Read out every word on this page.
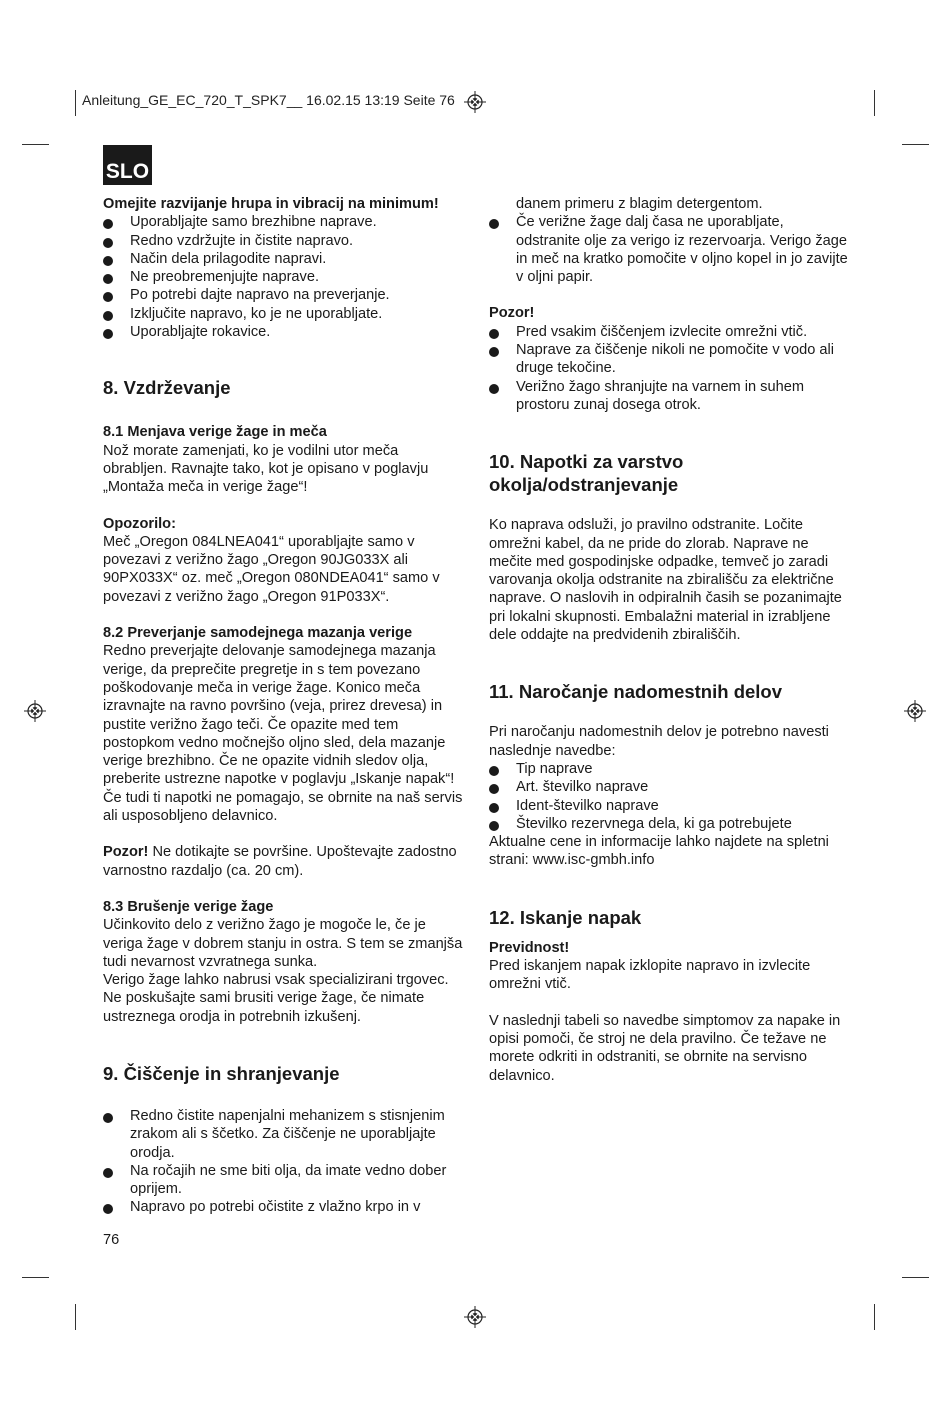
Anleitung_GE_EC_720_T_SPK7__ 16.02.15 13:19 Seite 76
SLO

Omejite razvijanje hrupa in vibracij na minimum!

Uporabljajte samo brezhibne naprave.
Redno vzdržujte in čistite napravo.
Način dela prilagodite napravi.
Ne preobremenjujte naprave.
Po potrebi dajte napravo na preverjanje.
Izključite napravo, ko je ne uporabljate.
Uporabljajte rokavice.
8. Vzdrževanje

8.1 Menjava verige žage in meča

Nož morate zamenjati, ko je vodilni utor meča obrabljen. Ravnajte tako, kot je opisano v poglavju „Montaža meča in verige žage“!

Opozorilo:

Meč „Oregon 084LNEA041“ uporabljajte samo v povezavi z verižno žago „Oregon 90JG033X ali 90PX033X“ oz. meč „Oregon 080NDEA041“ samo v povezavi z verižno žago „Oregon 91P033X“.

8.2 Preverjanje samodejnega mazanja verige

Redno preverjajte delovanje samodejnega mazanja verige, da preprečite pregretje in s tem povezano poškodovanje meča in verige žage. Konico meča izravnajte na ravno površino (veja, prirez drevesa) in pustite verižno žago teči. Če opazite med tem postopkom vedno močnejšo oljno sled, dela mazanje verige brezhibno. Če ne opazite vidnih sledov olja, preberite ustrezne napotke v poglavju „Iskanje napak“! Če tudi ti napotki ne pomagajo, se obrnite na naš servis ali usposobljeno delavnico.

Pozor! Ne dotikajte se površine. Upoštevajte zadostno varnostno razdaljo (ca. 20 cm).

8.3 Brušenje verige žage

Učinkovito delo z verižno žago je mogoče le, če je veriga žage v dobrem stanju in ostra. S tem se zmanjša tudi nevarnost vzvratnega sunka.

Verigo žage lahko nabrusi vsak specializirani trgovec. Ne poskušajte sami brusiti verige žage, če nimate ustreznega orodja in potrebnih izkušenj.

9. Čiščenje in shranjevanje
Redno čistite napenjalni mehanizem s stisnjenim zrakom ali s ščetko. Za čiščenje ne uporabljajte orodja.
Na ročajih ne sme biti olja, da imate vedno dober oprijem.
Napravo po potrebi očistite z vlažno krpo in v
danem primeru z blagim detergentom.
Če verižne žage dalj časa ne uporabljate, odstranite olje za verigo iz rezervoarja. Verigo žage in meč na kratko pomočite v oljno kopel in jo zavijte v oljni papir.

Pozor!

Pred vsakim čiščenjem izvlecite omrežni vtič.
Naprave za čiščenje nikoli ne pomočite v vodo ali druge tekočine.
Verižno žago shranjujte na varnem in suhem prostoru zunaj dosega otrok.
10. Napotki za varstvo okolja/odstranjevanje

Ko naprava odsluži, jo pravilno odstranite. Ločite omrežni kabel, da ne pride do zlorab. Naprave ne mečite med gospodinjske odpadke, temveč jo zaradi varovanja okolja odstranite na zbirališču za električne naprave. O naslovih in odpiralnih časih se pozanimajte pri lokalni skupnosti. Embalažni material in izrabljene dele oddajte na predvidenih zbirališčih.

11. Naročanje nadomestnih delov

Pri naročanju nadomestnih delov je potrebno navesti naslednje navedbe:

Tip naprave
Art. številko naprave
Ident-številko naprave
Številko rezervnega dela, ki ga potrebujete

Aktualne cene in informacije lahko najdete na spletni strani: www.isc-gmbh.info

12. Iskanje napak

Previdnost!

Pred iskanjem napak izklopite napravo in izvlecite omrežni vtič.

V naslednji tabeli so navedbe simptomov za napake in opisi pomoči, če stroj ne dela pravilno. Če težave ne morete odkriti in odstraniti, se obrnite na servisno delavnico.

76
